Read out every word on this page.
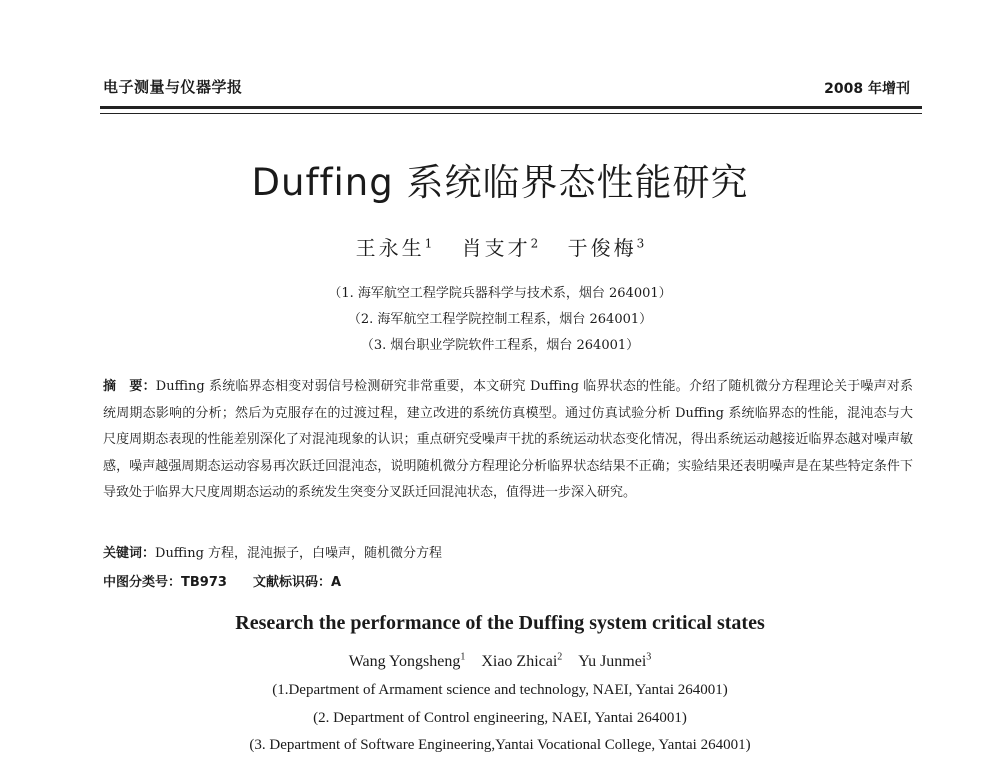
电子测量与仪器学报	2008 年增刊
Duffing 系统临界态性能研究
王永生$^1$ 肖支才$^2$ 于俊梅$^3$
（1. 海军航空工程学院兵器科学与技术系，烟台 264001）
（2. 海军航空工程学院控制工程系，烟台 264001）
（3. 烟台职业学院软件工程系，烟台 264001）
摘　要：Duffing 系统临界态相变对弱信号检测研究非常重要，本文研究 Duffing 临界状态的性能。介绍了随机微分方程理论关于噪声对系统周期态影响的分析；然后为克服存在的过渡过程，建立改进的系统仿真模型。通过仿真试验分析 Duffing 系统临界态的性能，混沌态与大尺度周期态表现的性能差别深化了对混沌现象的认识；重点研究受噪声干扰的系统运动状态变化情况，得出系统运动越接近临界态越对噪声敏感，噪声越强周期态运动容易再次跃迁回混沌态，说明随机微分方程理论分析临界状态结果不正确；实验结果还表明噪声是在某些特定条件下导致处于临界大尺度周期态运动的系统发生突变分叉跃迁回混沌状态，值得进一步深入研究。
关键词：Duffing 方程，混沌振子，白噪声，随机微分方程
中图分类号：TB973 文献标识码：A
Research the performance of the Duffing system critical states
Wang Yongsheng$^1$ Xiao Zhicai$^2$ Yu Junmei$^3$
(1.Department of Armament science and technology, NAEI, Yantai 264001)
(2. Department of Control engineering, NAEI, Yantai 264001)
(3. Department of Software Engineering,Yantai Vocational College, Yantai 264001)
